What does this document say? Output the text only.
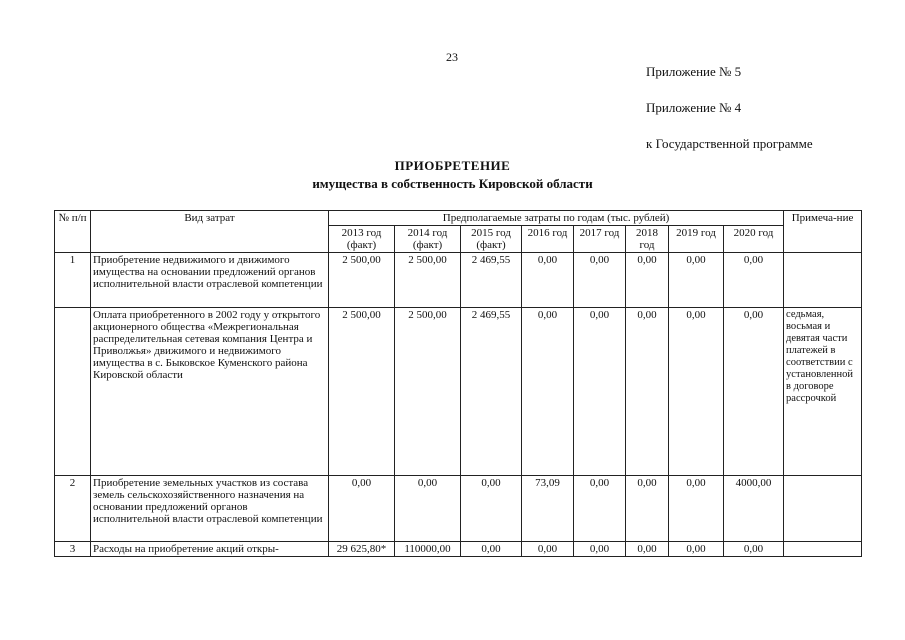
23
Приложение № 5
Приложение № 4
к Государственной программе
ПРИОБРЕТЕНИЕ
имущества в собственность Кировской области
№ п/п	Вид затрат	Предполагаемые затраты по годам (тыс. рублей)								Примеча-ние
		2013 год (факт)	2014 год (факт)	2015 год (факт)	2016 год	2017 год	2018 год	2019 год	2020 год	
1	Приобретение недвижимого и движимого имущества на основании предложений органов исполнительной власти отраслевой компетенции	2 500,00	2 500,00	2 469,55	0,00	0,00	0,00	0,00	0,00	
	Оплата приобретенного в 2002 году у открытого акционерного общества «Межрегиональная распределительная сетевая компания Центра и Приволжья» движимого и недвижимого имущества в с. Быковское Куменского района Кировской области	2 500,00	2 500,00	2 469,55	0,00	0,00	0,00	0,00	0,00	седьмая, восьмая и девятая части платежей в соответствии с установленной в договоре рассрочкой
2	Приобретение земельных участков из состава земель сельскохозяйственного назначения на основании предложений органов исполнительной власти отраслевой компетенции	0,00	0,00	0,00	73,09	0,00	0,00	0,00	4000,00	
3	Расходы на приобретение акций откры-	29 625,80*	110000,00	0,00	0,00	0,00	0,00	0,00	0,00	
